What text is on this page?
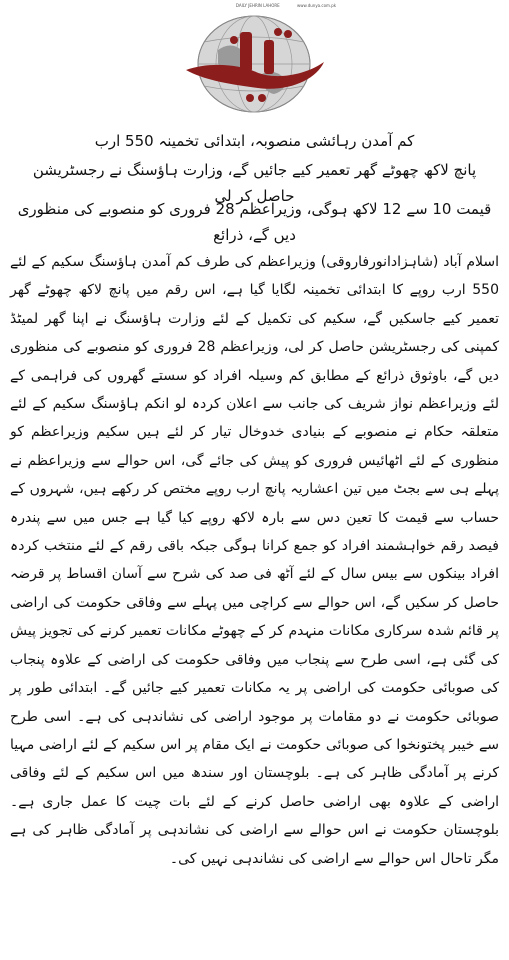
DAILY JEHRIN LAHORE	www.dunya.com.pk
کم آمدن رہائشی منصوبہ، ابتدائی تخمینہ 550 ارب
پانچ لاکھ چھوٹے گھر تعمیر کیے جائیں گے، وزارت ہاؤسنگ نے رجسٹریشن حاصل کر لی
قیمت 10 سے 12 لاکھ ہوگی، وزیراعظم 28 فروری کو منصوبے کی منظوری دیں گے، ذرائع

اسلام آباد (شاہزادانورفاروقی) وزیراعظم کی طرف کم آمدن ہاؤسنگ سکیم کے لئے 550 ارب روپے کا ابتدائی تخمینہ لگایا گیا ہے، اس رقم میں پانچ لاکھ چھوٹے گھر تعمیر کیے جاسکیں گے، سکیم کی تکمیل کے لئے وزارت ہاؤسنگ نے اپنا گھر لمیٹڈ کمپنی کی رجسٹریشن حاصل کر لی، وزیراعظم 28 فروری کو منصوبے کی منظوری دیں گے، باوثوق ذرائع کے مطابق کم وسیلہ افراد کو سستے گھروں کی فراہمی کے لئے وزیراعظم نواز شریف کی جانب سے اعلان کردہ لو انکم ہاؤسنگ سکیم کے لئے متعلقہ حکام نے منصوبے کے بنیادی خدوخال تیار کر لئے ہیں سکیم وزیراعظم کو منظوری کے لئے اٹھائیس فروری کو پیش کی جائے گی، اس حوالے سے وزیراعظم نے پہلے ہی سے بجٹ میں تین اعشاریہ پانچ ارب روپے مختص کر رکھے ہیں، شہروں کے حساب سے قیمت کا تعین دس سے بارہ لاکھ روپے کیا گیا ہے جس میں سے پندرہ فیصد رقم خواہشمند افراد کو جمع کرانا ہوگی جبکہ باقی رقم کے لئے منتخب کردہ افراد بینکوں سے بیس سال کے لئے آٹھ فی صد کی شرح سے آسان اقساط پر قرضہ حاصل کر سکیں گے، اس حوالے سے کراچی میں پہلے سے وفاقی حکومت کی اراضی پر قائم شدہ سرکاری مکانات منہدم کر کے چھوٹے مکانات تعمیر کرنے کی تجویز پیش کی گئی ہے، اسی طرح سے پنجاب میں وفاقی حکومت کی اراضی کے علاوہ پنجاب کی صوبائی حکومت کی اراضی پر یہ مکانات تعمیر کیے جائیں گے۔ ابتدائی طور پر صوبائی حکومت نے دو مقامات پر موجود اراضی کی نشاندہی کی ہے۔ اسی طرح سے خیبر پختونخوا کی صوبائی حکومت نے ایک مقام پر اس سکیم کے لئے اراضی مہیا کرنے پر آمادگی ظاہر کی ہے۔ بلوچستان اور سندھ میں اس سکیم کے لئے وفاقی اراضی کے علاوہ بھی اراضی حاصل کرنے کے لئے بات چیت کا عمل جاری ہے۔ بلوچستان حکومت نے اس حوالے سے اراضی کی نشاندہی پر آمادگی ظاہر کی ہے مگر تاحال اس حوالے سے اراضی کی نشاندہی نہیں کی۔
